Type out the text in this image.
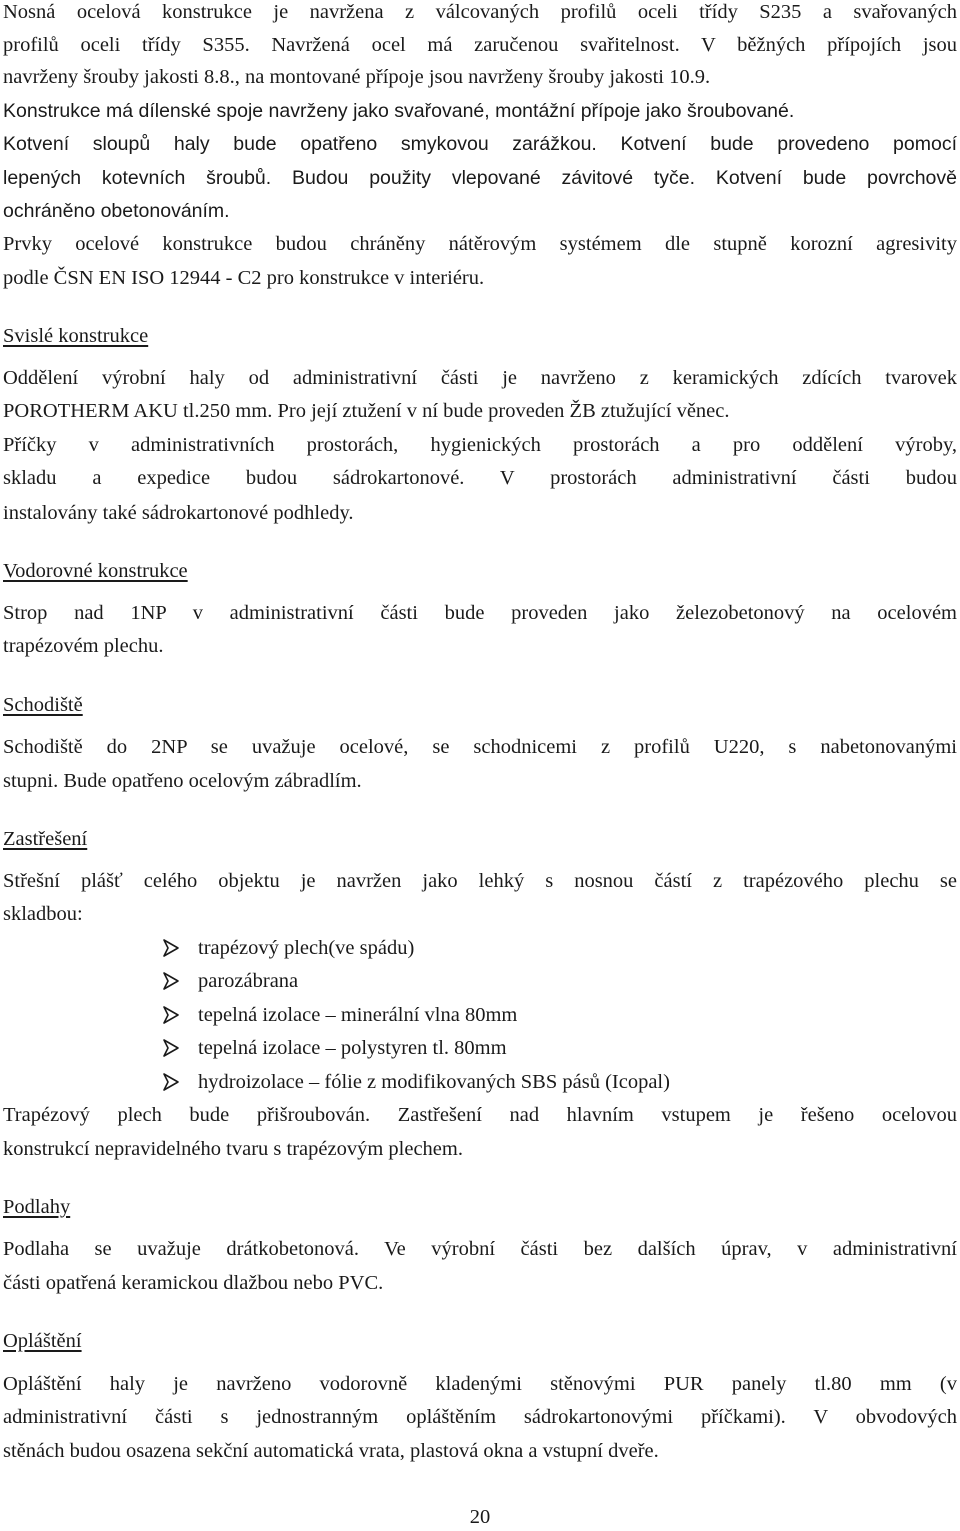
Nosná ocelová konstrukce je navržena z válcovaných profilů oceli třídy S235 a svařovaných
profilů oceli třídy S355. Navržená ocel má zaručenou svařitelnost. V běžných přípojích jsou
navrženy šrouby jakosti 8.8., na montované přípoje jsou navrženy šrouby jakosti 10.9.
Konstrukce má dílenské spoje navrženy jako svařované, montážní přípoje jako šroubované.
Kotvení sloupů haly bude opatřeno smykovou zarážkou. Kotvení bude provedeno pomocí
lepených kotevních šroubů. Budou použity vlepované závitové tyče. Kotvení bude povrchově
ochráněno obetonováním.
Prvky ocelové konstrukce budou chráněny nátěrovým systémem dle stupně korozní agresivity
podle ČSN EN ISO 12944 - C2 pro konstrukce v interiéru.
Svislé konstrukce
Oddělení výrobní haly od administrativní části je navrženo z keramických zdících tvarovek
POROTHERM AKU tl.250 mm. Pro její ztužení v ní bude proveden ŽB ztužující věnec.
Příčky v administrativních prostorách, hygienických prostorách a pro oddělení výroby,
skladu a expedice budou sádrokartonové. V prostorách administrativní části budou
instalovány také sádrokartonové podhledy.
Vodorovné konstrukce
Strop nad 1NP v administrativní části bude proveden jako železobetonový na ocelovém
trapézovém plechu.
Schodiště
Schodiště do 2NP se uvažuje ocelové, se schodnicemi z profilů U220, s nabetonovanými
stupni. Bude opatřeno ocelovým zábradlím.
Zastřešení
Střešní plášť celého objektu je navržen jako lehký s nosnou částí z trapézového plechu se
skladbou:
trapézový plech(ve spádu)
parozábrana
tepelná izolace – minerální vlna 80mm
tepelná izolace – polystyren tl. 80mm
hydroizolace – fólie z modifikovaných SBS pásů (Icopal)
Trapézový plech bude přišroubován. Zastřešení nad hlavním vstupem je řešeno ocelovou
konstrukcí nepravidelného tvaru s trapézovým plechem.
Podlahy
Podlaha se uvažuje drátkobetonová. Ve výrobní části bez dalších úprav, v administrativní
části opatřená keramickou dlažbou nebo PVC.
Opláštění
Opláštění haly je navrženo vodorovně kladenými stěnovými PUR panely tl.80 mm (v
administrativní části s jednostranným opláštěním sádrokartonovými příčkami). V obvodových
stěnách budou osazena sekční automatická vrata, plastová okna a vstupní dveře.
20
